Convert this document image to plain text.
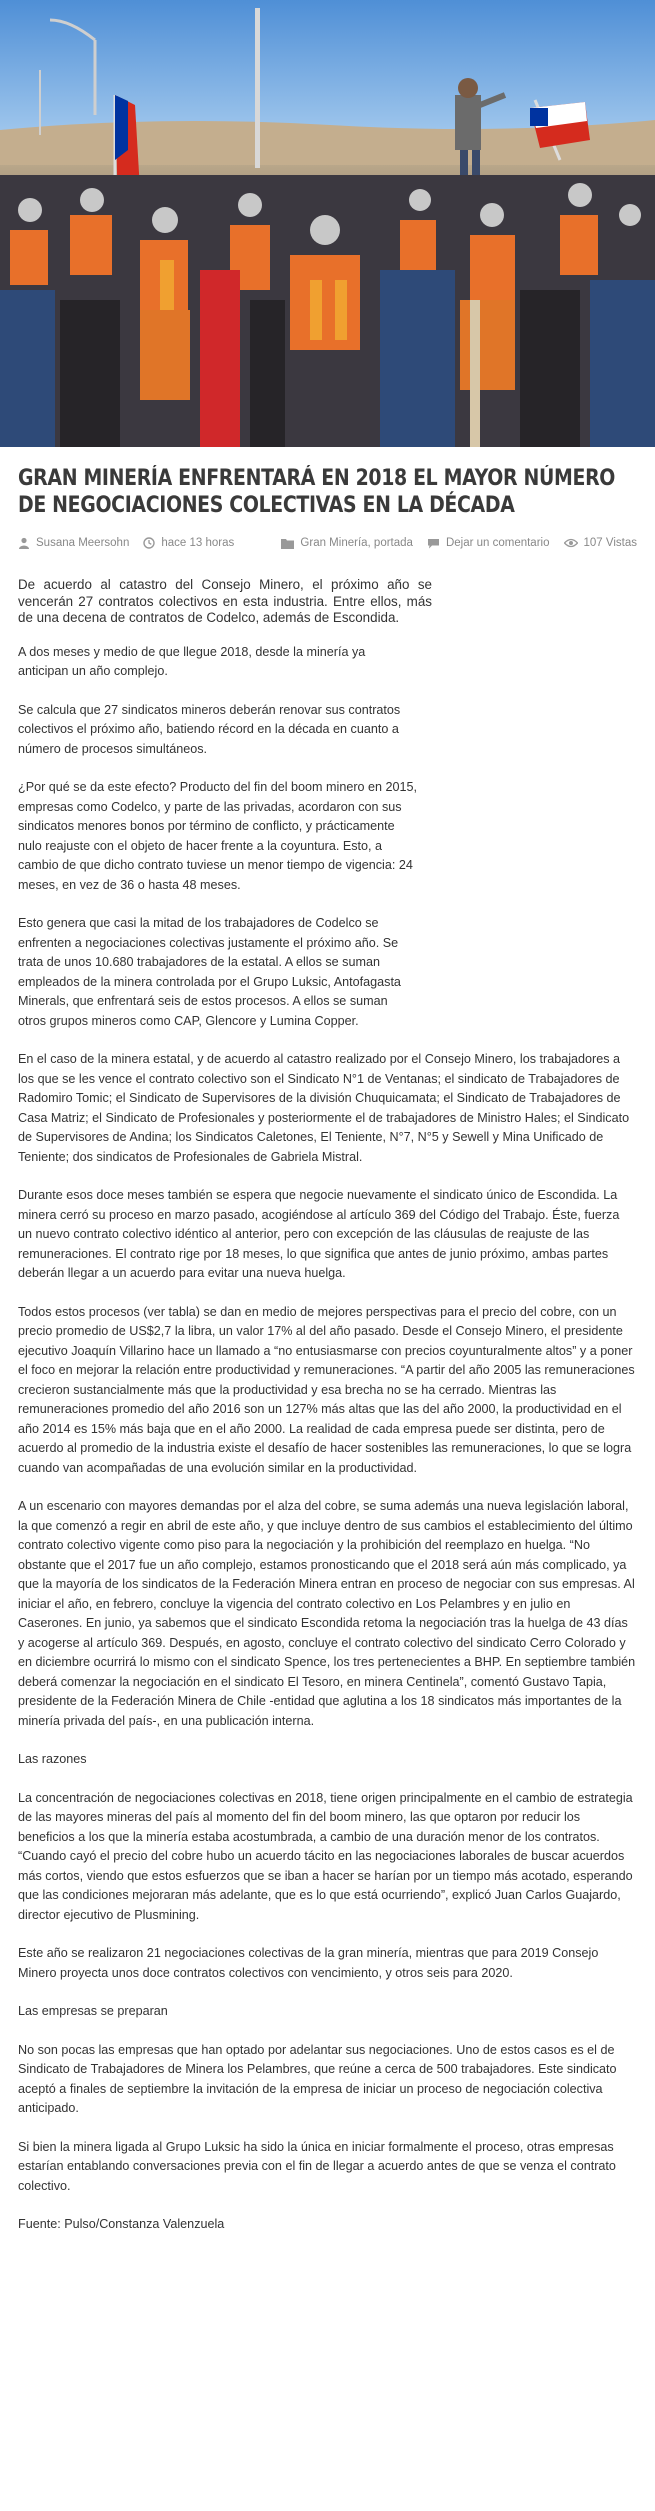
GRAN MINERÍA ENFRENTARÁ EN 2018 EL MAYOR NÚMERO DE NEGOCIACIONES COLECTIVAS EN LA DÉCADA
Susana Meersohn	hace 13 horas	Gran Minería, portada	Dejar un comentario	107 Vistas

De acuerdo al catastro del Consejo Minero, el próximo año se vencerán 27 contratos colectivos en esta industria. Entre ellos, más de una decena de contratos de Codelco, además de Escondida.

A dos meses y medio de que llegue 2018, desde la minería ya anticipan un año complejo.

Se calcula que 27 sindicatos mineros deberán renovar sus contratos colectivos el próximo año, batiendo récord en la década en cuanto a número de procesos simultáneos.

¿Por qué se da este efecto? Producto del fin del boom minero en 2015, empresas como Codelco, y parte de las privadas, acordaron con sus sindicatos menores bonos por término de conflicto, y prácticamente nulo reajuste con el objeto de hacer frente a la coyuntura. Esto, a cambio de que dicho contrato tuviese un menor tiempo de vigencia: 24 meses, en vez de 36 o hasta 48 meses.

Esto genera que casi la mitad de los trabajadores de Codelco se enfrenten a negociaciones colectivas justamente el próximo año. Se trata de unos 10.680 trabajadores de la estatal. A ellos se suman empleados de la minera controlada por el Grupo Luksic, Antofagasta Minerals, que enfrentará seis de estos procesos. A ellos se suman otros grupos mineros como CAP, Glencore y Lumina Copper.

En el caso de la minera estatal, y de acuerdo al catastro realizado por el Consejo Minero, los trabajadores a los que se les vence el contrato colectivo son el Sindicato N°1 de Ventanas; el sindicato de Trabajadores de Radomiro Tomic; el Sindicato de Supervisores de la división Chuquicamata; el Sindicato de Trabajadores de Casa Matriz; el Sindicato de Profesionales y posteriormente el de trabajadores de Ministro Hales; el Sindicato de Supervisores de Andina; los Sindicatos Caletones, El Teniente, N°7, N°5 y Sewell y Mina Unificado de Teniente; dos sindicatos de Profesionales de Gabriela Mistral.

Durante esos doce meses también se espera que negocie nuevamente el sindicato único de Escondida. La minera cerró su proceso en marzo pasado, acogiéndose al artículo 369 del Código del Trabajo. Éste, fuerza un nuevo contrato colectivo idéntico al anterior, pero con excepción de las cláusulas de reajuste de las remuneraciones. El contrato rige por 18 meses, lo que significa que antes de junio próximo, ambas partes deberán llegar a un acuerdo para evitar una nueva huelga.

Todos estos procesos (ver tabla) se dan en medio de mejores perspectivas para el precio del cobre, con un precio promedio de US$2,7 la libra, un valor 17% al del año pasado. Desde el Consejo Minero, el presidente ejecutivo Joaquín Villarino hace un llamado a “no entusiasmarse con precios coyunturalmente altos” y a poner el foco en mejorar la relación entre productividad y remuneraciones. “A partir del año 2005 las remuneraciones crecieron sustancialmente más que la productividad y esa brecha no se ha cerrado. Mientras las remuneraciones promedio del año 2016 son un 127% más altas que las del año 2000, la productividad en el año 2014 es 15% más baja que en el año 2000. La realidad de cada empresa puede ser distinta, pero de acuerdo al promedio de la industria existe el desafío de hacer sostenibles las remuneraciones, lo que se logra cuando van acompañadas de una evolución similar en la productividad.

A un escenario con mayores demandas por el alza del cobre, se suma además una nueva legislación laboral, la que comenzó a regir en abril de este año, y que incluye dentro de sus cambios el establecimiento del último contrato colectivo vigente como piso para la negociación y la prohibición del reemplazo en huelga. “No obstante que el 2017 fue un año complejo, estamos pronosticando que el 2018 será aún más complicado, ya que la mayoría de los sindicatos de la Federación Minera entran en proceso de negociar con sus empresas. Al iniciar el año, en febrero, concluye la vigencia del contrato colectivo en Los Pelambres y en julio en Caserones. En junio, ya sabemos que el sindicato Escondida retoma la negociación tras la huelga de 43 días y acogerse al artículo 369. Después, en agosto, concluye el contrato colectivo del sindicato Cerro Colorado y en diciembre ocurrirá lo mismo con el sindicato Spence, los tres pertenecientes a BHP. En septiembre también deberá comenzar la negociación en el sindicato El Tesoro, en minera Centinela”, comentó Gustavo Tapia, presidente de la Federación Minera de Chile -entidad que aglutina a los 18 sindicatos más importantes de la minería privada del país-, en una publicación interna.

Las razones

La concentración de negociaciones colectivas en 2018, tiene origen principalmente en el cambio de estrategia de las mayores mineras del país al momento del fin del boom minero, las que optaron por reducir los beneficios a los que la minería estaba acostumbrada, a cambio de una duración menor de los contratos. “Cuando cayó el precio del cobre hubo un acuerdo tácito en las negociaciones laborales de buscar acuerdos más cortos, viendo que estos esfuerzos que se iban a hacer se harían por un tiempo más acotado, esperando que las condiciones mejoraran más adelante, que es lo que está ocurriendo”, explicó Juan Carlos Guajardo, director ejecutivo de Plusmining.

Este año se realizaron 21 negociaciones colectivas de la gran minería, mientras que para 2019 Consejo Minero proyecta unos doce contratos colectivos con vencimiento, y otros seis para 2020.

Las empresas se preparan

No son pocas las empresas que han optado por adelantar sus negociaciones. Uno de estos casos es el de Sindicato de Trabajadores de Minera los Pelambres, que reúne a cerca de 500 trabajadores. Este sindicato aceptó a finales de septiembre la invitación de la empresa de iniciar un proceso de negociación colectiva anticipado.

Si bien la minera ligada al Grupo Luksic ha sido la única en iniciar formalmente el proceso, otras empresas estarían entablando conversaciones previa con el fin de llegar a acuerdo antes de que se venza el contrato colectivo.

Fuente: Pulso/Constanza Valenzuela
